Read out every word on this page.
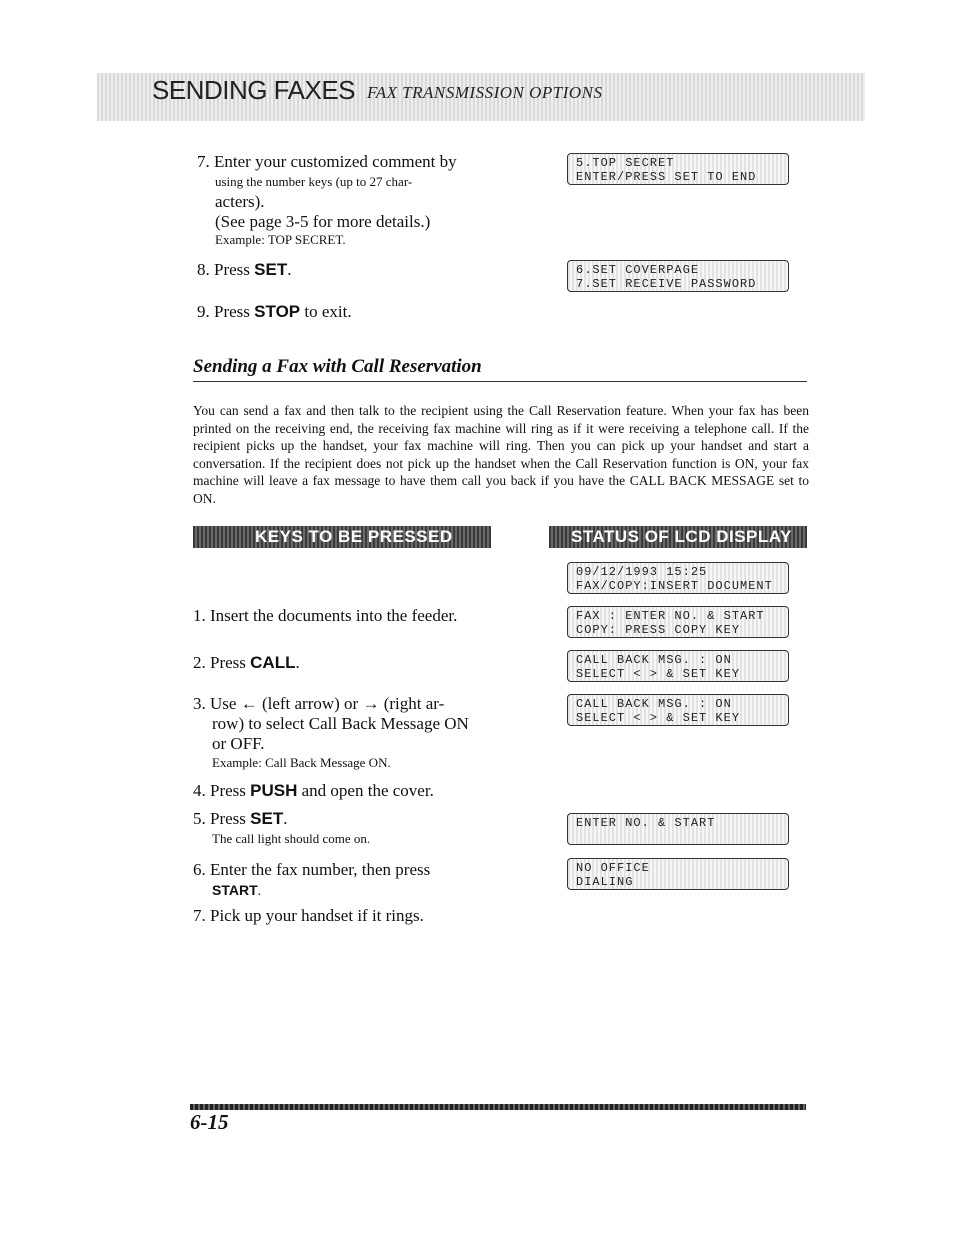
SENDING FAXES FAX TRANSMISSION OPTIONS
7. Enter your customized comment by
using the number keys (up to 27 char-
acters).
(See page 3-5 for more details.)
Example: TOP SECRET.
8. Press SET.
9. Press STOP to exit.
5.TOP SECRET
ENTER/PRESS SET TO END
6.SET COVERPAGE
7.SET RECEIVE PASSWORD
Sending a Fax with Call Reservation
You can send a fax and then talk to the recipient using the Call Reservation feature. When your fax has been printed on the receiving end, the receiving fax machine will ring as if it were receiving a telephone call. If the recipient picks up the handset, your fax machine will ring. Then you can pick up your handset and start a conversation. If the recipient does not pick up the handset when the Call Reservation function is ON, your fax machine will leave a fax message to have them call you back if you have the CALL BACK MESSAGE set to ON.
KEYS TO BE PRESSED	STATUS OF LCD DISPLAY
1. Insert the documents into the feeder.
2. Press CALL.
3. Use ← (left arrow) or → (right ar-
row) to select Call Back Message ON
or OFF.
Example: Call Back Message ON.
4. Press PUSH and open the cover.
5. Press SET.
The call light should come on.
6. Enter the fax number, then press
START.
7. Pick up your handset if it rings.
09/12/1993 15:25
FAX/COPY:INSERT DOCUMENT
FAX : ENTER NO. & START
COPY: PRESS COPY KEY
CALL BACK MSG. : ON
SELECT < > & SET KEY
CALL BACK MSG. : ON
SELECT < > & SET KEY
ENTER NO. & START
NO OFFICE
DIALING
6-15
